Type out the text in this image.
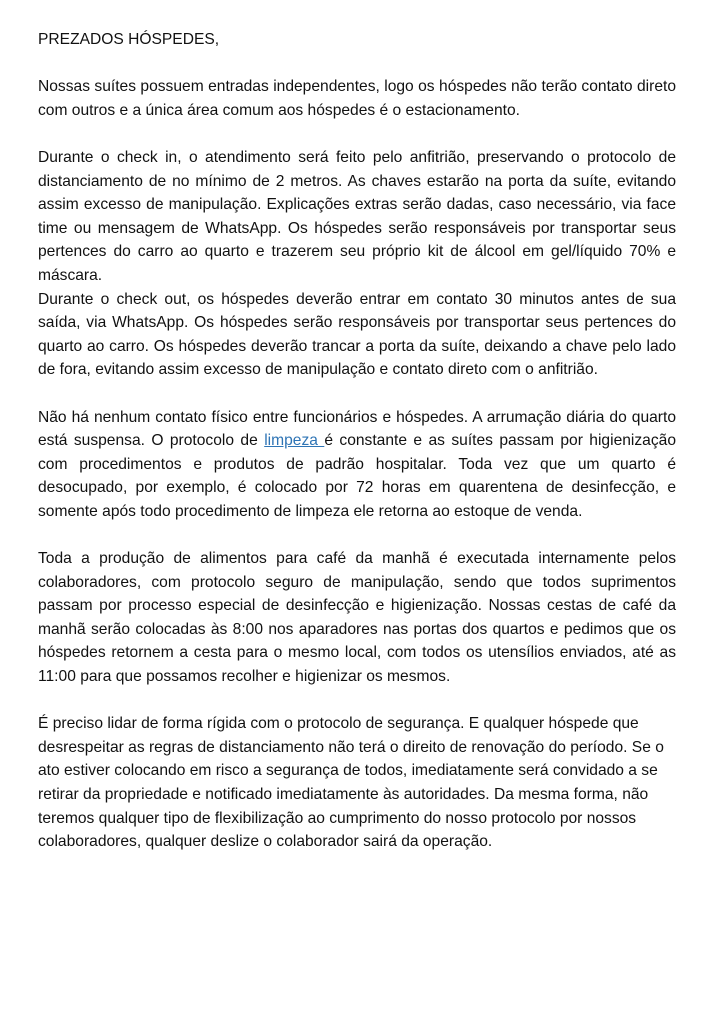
PREZADOS HÓSPEDES,

Nossas suítes possuem entradas independentes, logo os hóspedes não terão contato direto com outros e a única área comum aos hóspedes é o estacionamento.

Durante o check in, o atendimento será feito pelo anfitrião, preservando o protocolo de distanciamento de no mínimo de 2 metros. As chaves estarão na porta da suíte, evitando assim excesso de manipulação. Explicações extras serão dadas, caso necessário, via face time ou mensagem de WhatsApp. Os hóspedes serão responsáveis por transportar seus pertences do carro ao quarto e trazerem seu próprio kit de álcool em gel/líquido 70% e máscara.

Durante o check out, os hóspedes deverão entrar em contato 30 minutos antes de sua saída, via WhatsApp. Os hóspedes serão responsáveis por transportar seus pertences do quarto ao carro. Os hóspedes deverão trancar a porta da suíte, deixando a chave pelo lado de fora, evitando assim excesso de manipulação e contato direto com o anfitrião.

Não há nenhum contato físico entre funcionários e hóspedes. A arrumação diária do quarto está suspensa. O protocolo de limpeza é constante e as suítes passam por higienização com procedimentos e produtos de padrão hospitalar. Toda vez que um quarto é desocupado, por exemplo, é colocado por 72 horas em quarentena de desinfecção, e somente após todo procedimento de limpeza ele retorna ao estoque de venda.

Toda a produção de alimentos para café da manhã é executada internamente pelos colaboradores, com protocolo seguro de manipulação, sendo que todos suprimentos passam por processo especial de desinfecção e higienização. Nossas cestas de café da manhã serão colocadas às 8:00 nos aparadores nas portas dos quartos e pedimos que os hóspedes retornem a cesta para o mesmo local, com todos os utensílios enviados, até as 11:00 para que possamos recolher e higienizar os mesmos.

É preciso lidar de forma rígida com o protocolo de segurança. E qualquer hóspede que desrespeitar as regras de distanciamento não terá o direito de renovação do período. Se o ato estiver colocando em risco a segurança de todos, imediatamente será convidado a se retirar da propriedade e notificado imediatamente às autoridades. Da mesma forma, não teremos qualquer tipo de flexibilização ao cumprimento do nosso protocolo por nossos colaboradores, qualquer deslize o colaborador sairá da operação.
